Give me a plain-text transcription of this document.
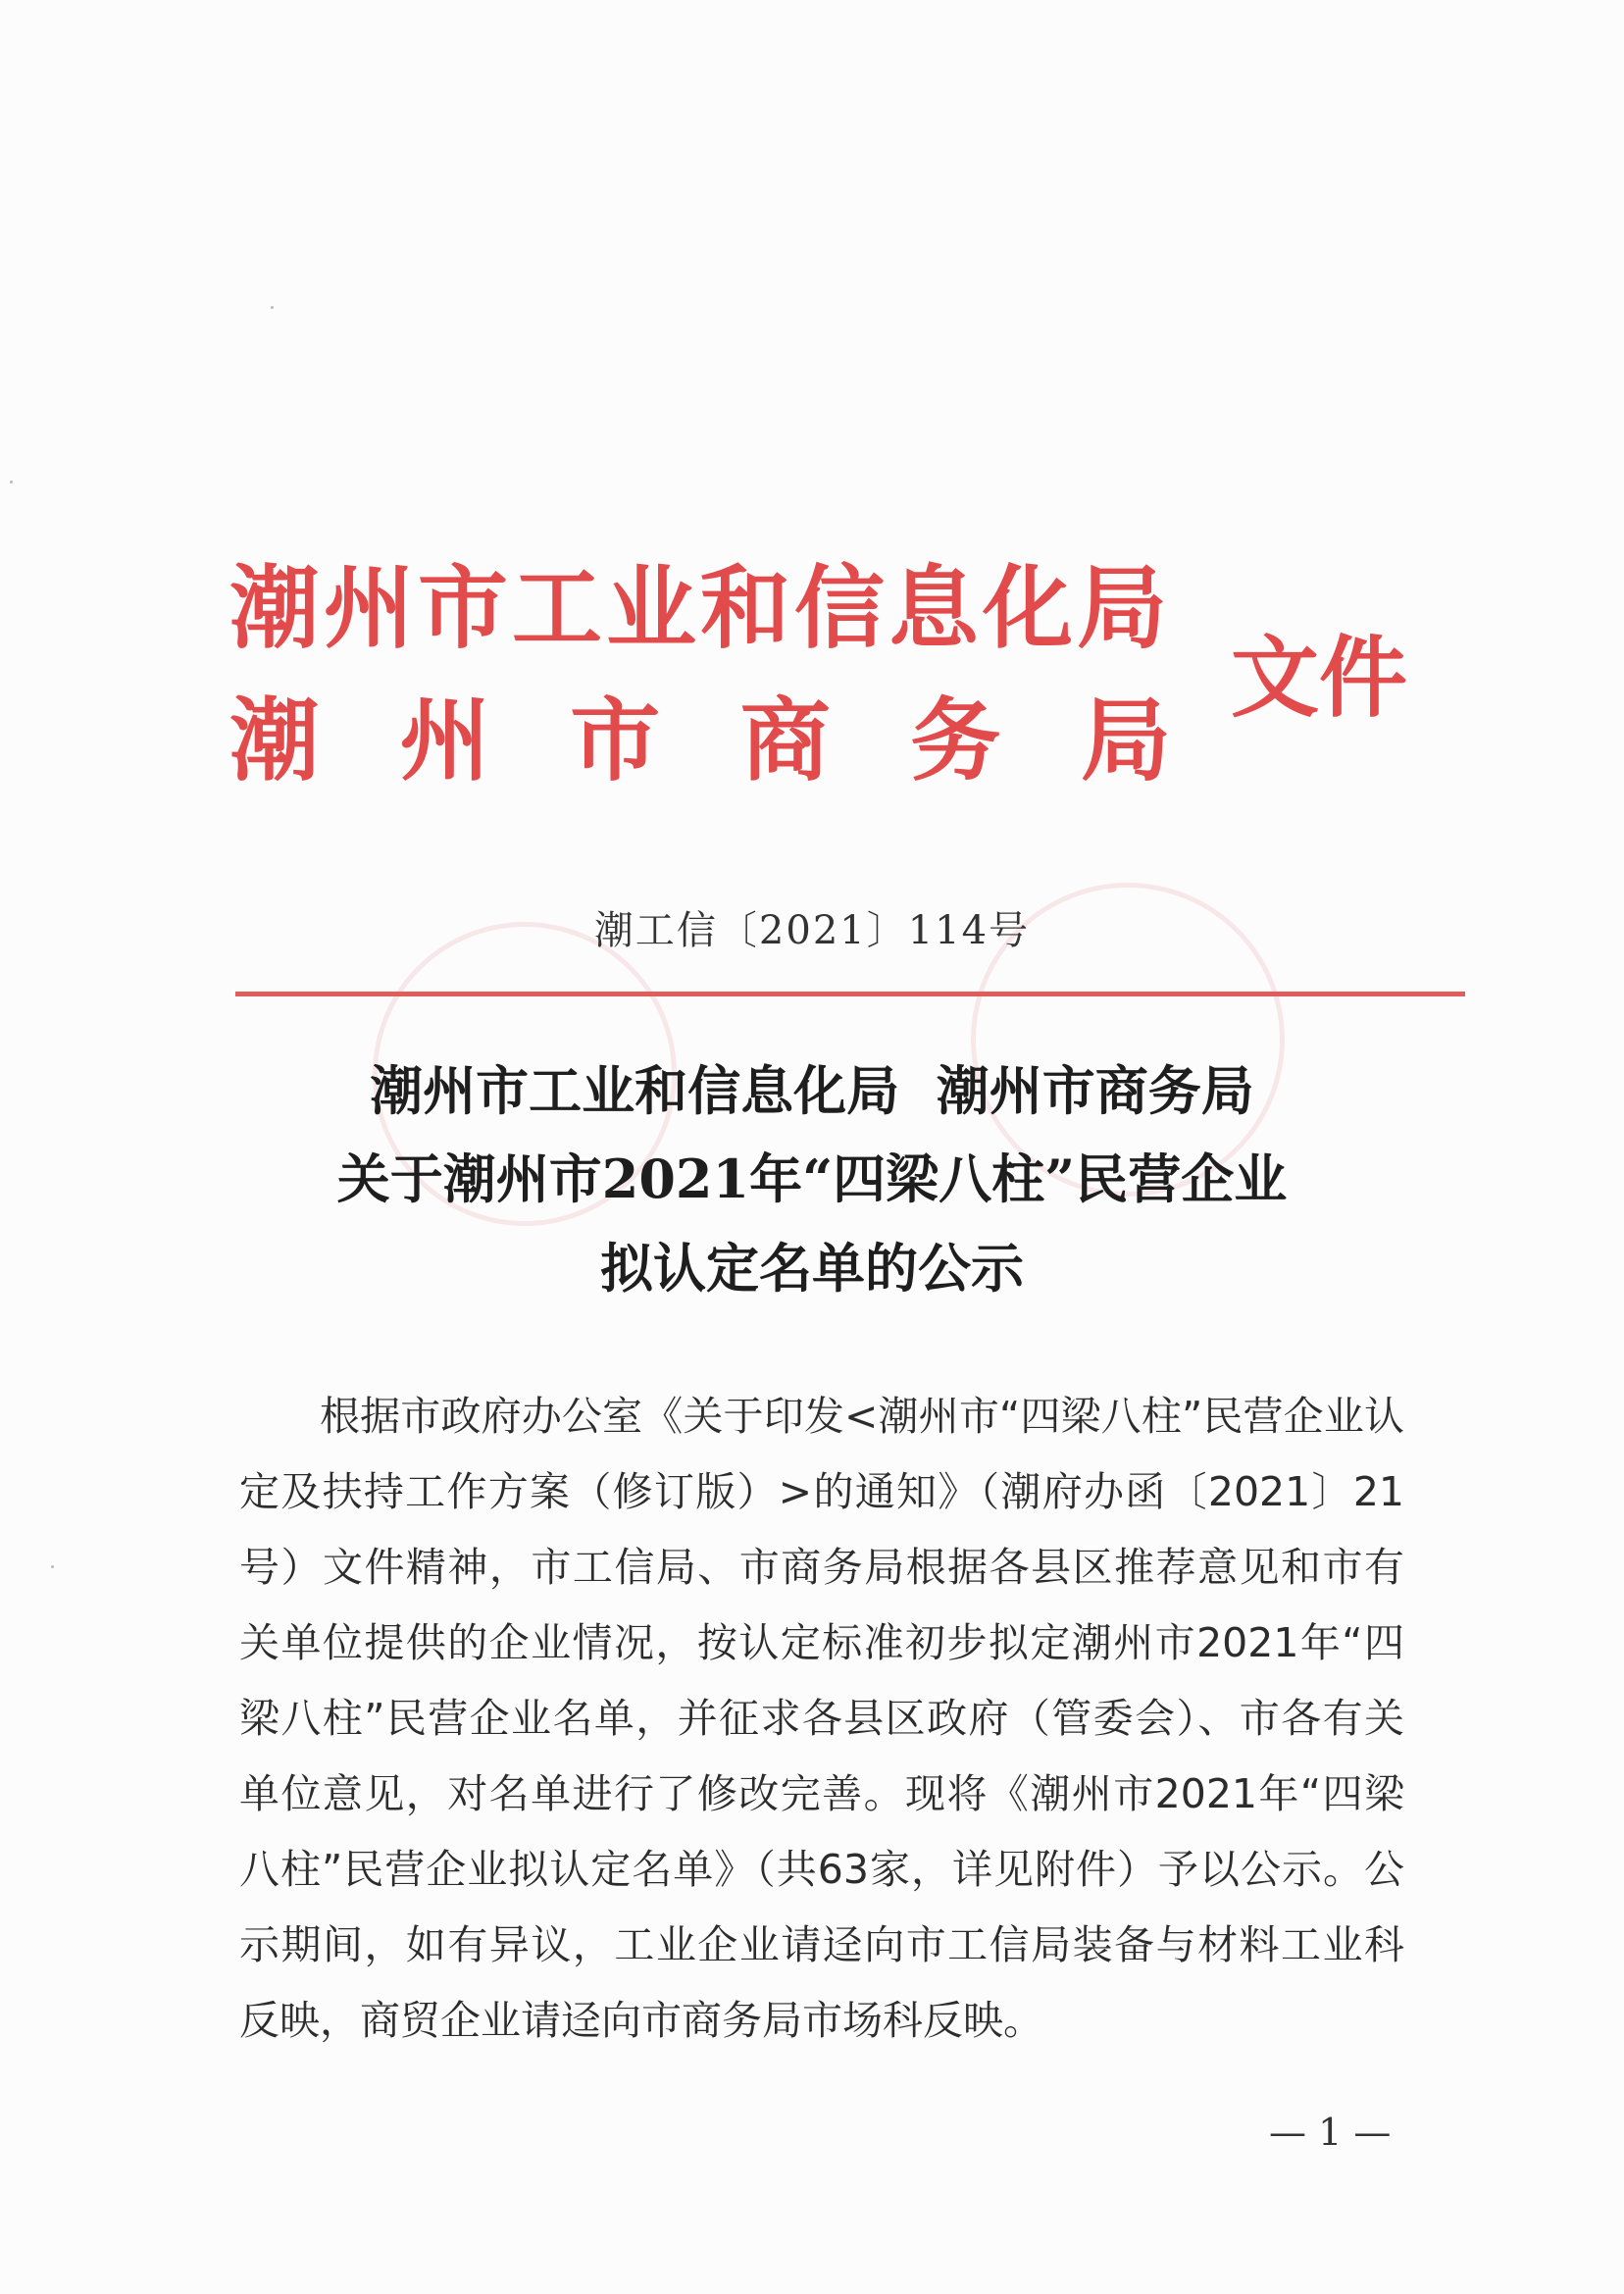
潮州市工业和信息化局
潮 州 市 商 务 局
文件
潮工信〔2021〕114号
潮州市工业和信息化局  潮州市商务局
关于潮州市2021年“四梁八柱”民营企业
拟认定名单的公示

根据市政府办公室《关于印发<潮州市“四梁八柱”民营企业认定及扶持工作方案（修订版）>的通知》（潮府办函〔2021〕21号）文件精神，市工信局、市商务局根据各县区推荐意见和市有关单位提供的企业情况，按认定标准初步拟定潮州市2021年“四梁八柱”民营企业名单，并征求各县区政府（管委会）、市各有关单位意见，对名单进行了修改完善。现将《潮州市2021年“四梁八柱”民营企业拟认定名单》（共63家，详见附件）予以公示。公示期间，如有异议，工业企业请迳向市工信局装备与材料工业科反映，商贸企业请迳向市商务局市场科反映。

— 1 —
